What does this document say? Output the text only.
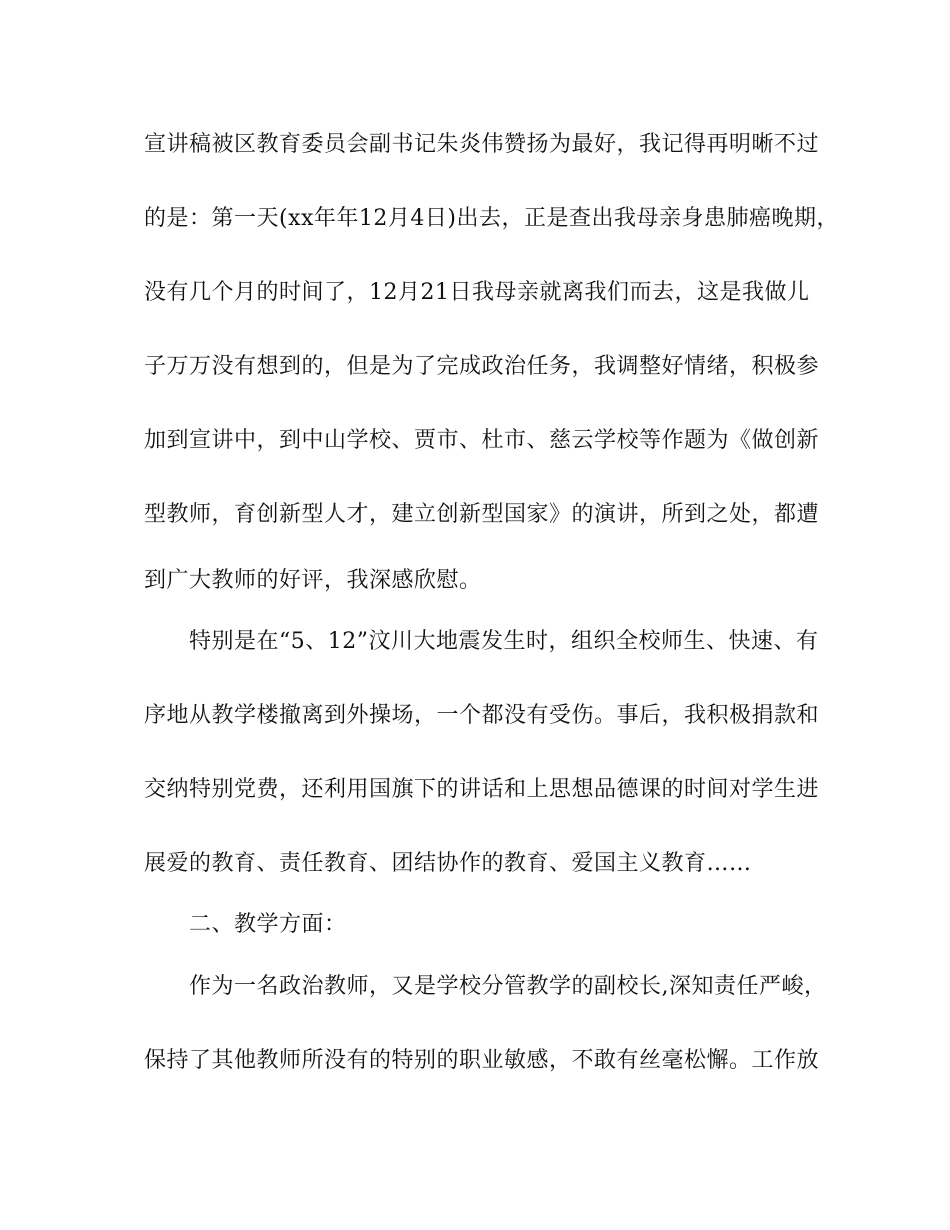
宣讲稿被区教育委员会副书记朱炎伟赞扬为最好，我记得再明晰不过
的是：第一天(xx年年12月4日)出去，正是查出我母亲身患肺癌晚期，
没有几个月的时间了，12月21日我母亲就离我们而去，这是我做儿
子万万没有想到的，但是为了完成政治任务，我调整好情绪，积极参
加到宣讲中，到中山学校、贾市、杜市、慈云学校等作题为《做创新
型教师，育创新型人才，建立创新型国家》的演讲，所到之处，都遭
到广大教师的好评，我深感欣慰。
特别是在“5、12”汶川大地震发生时，组织全校师生、快速、有
序地从教学楼撤离到外操场，一个都没有受伤。事后，我积极捐款和
交纳特别党费，还利用国旗下的讲话和上思想品德课的时间对学生进
展爱的教育、责任教育、团结协作的教育、爱国主义教育……
二、教学方面：
作为一名政治教师，又是学校分管教学的副校长,深知责任严峻，
保持了其他教师所没有的特别的职业敏感，不敢有丝毫松懈。工作放
